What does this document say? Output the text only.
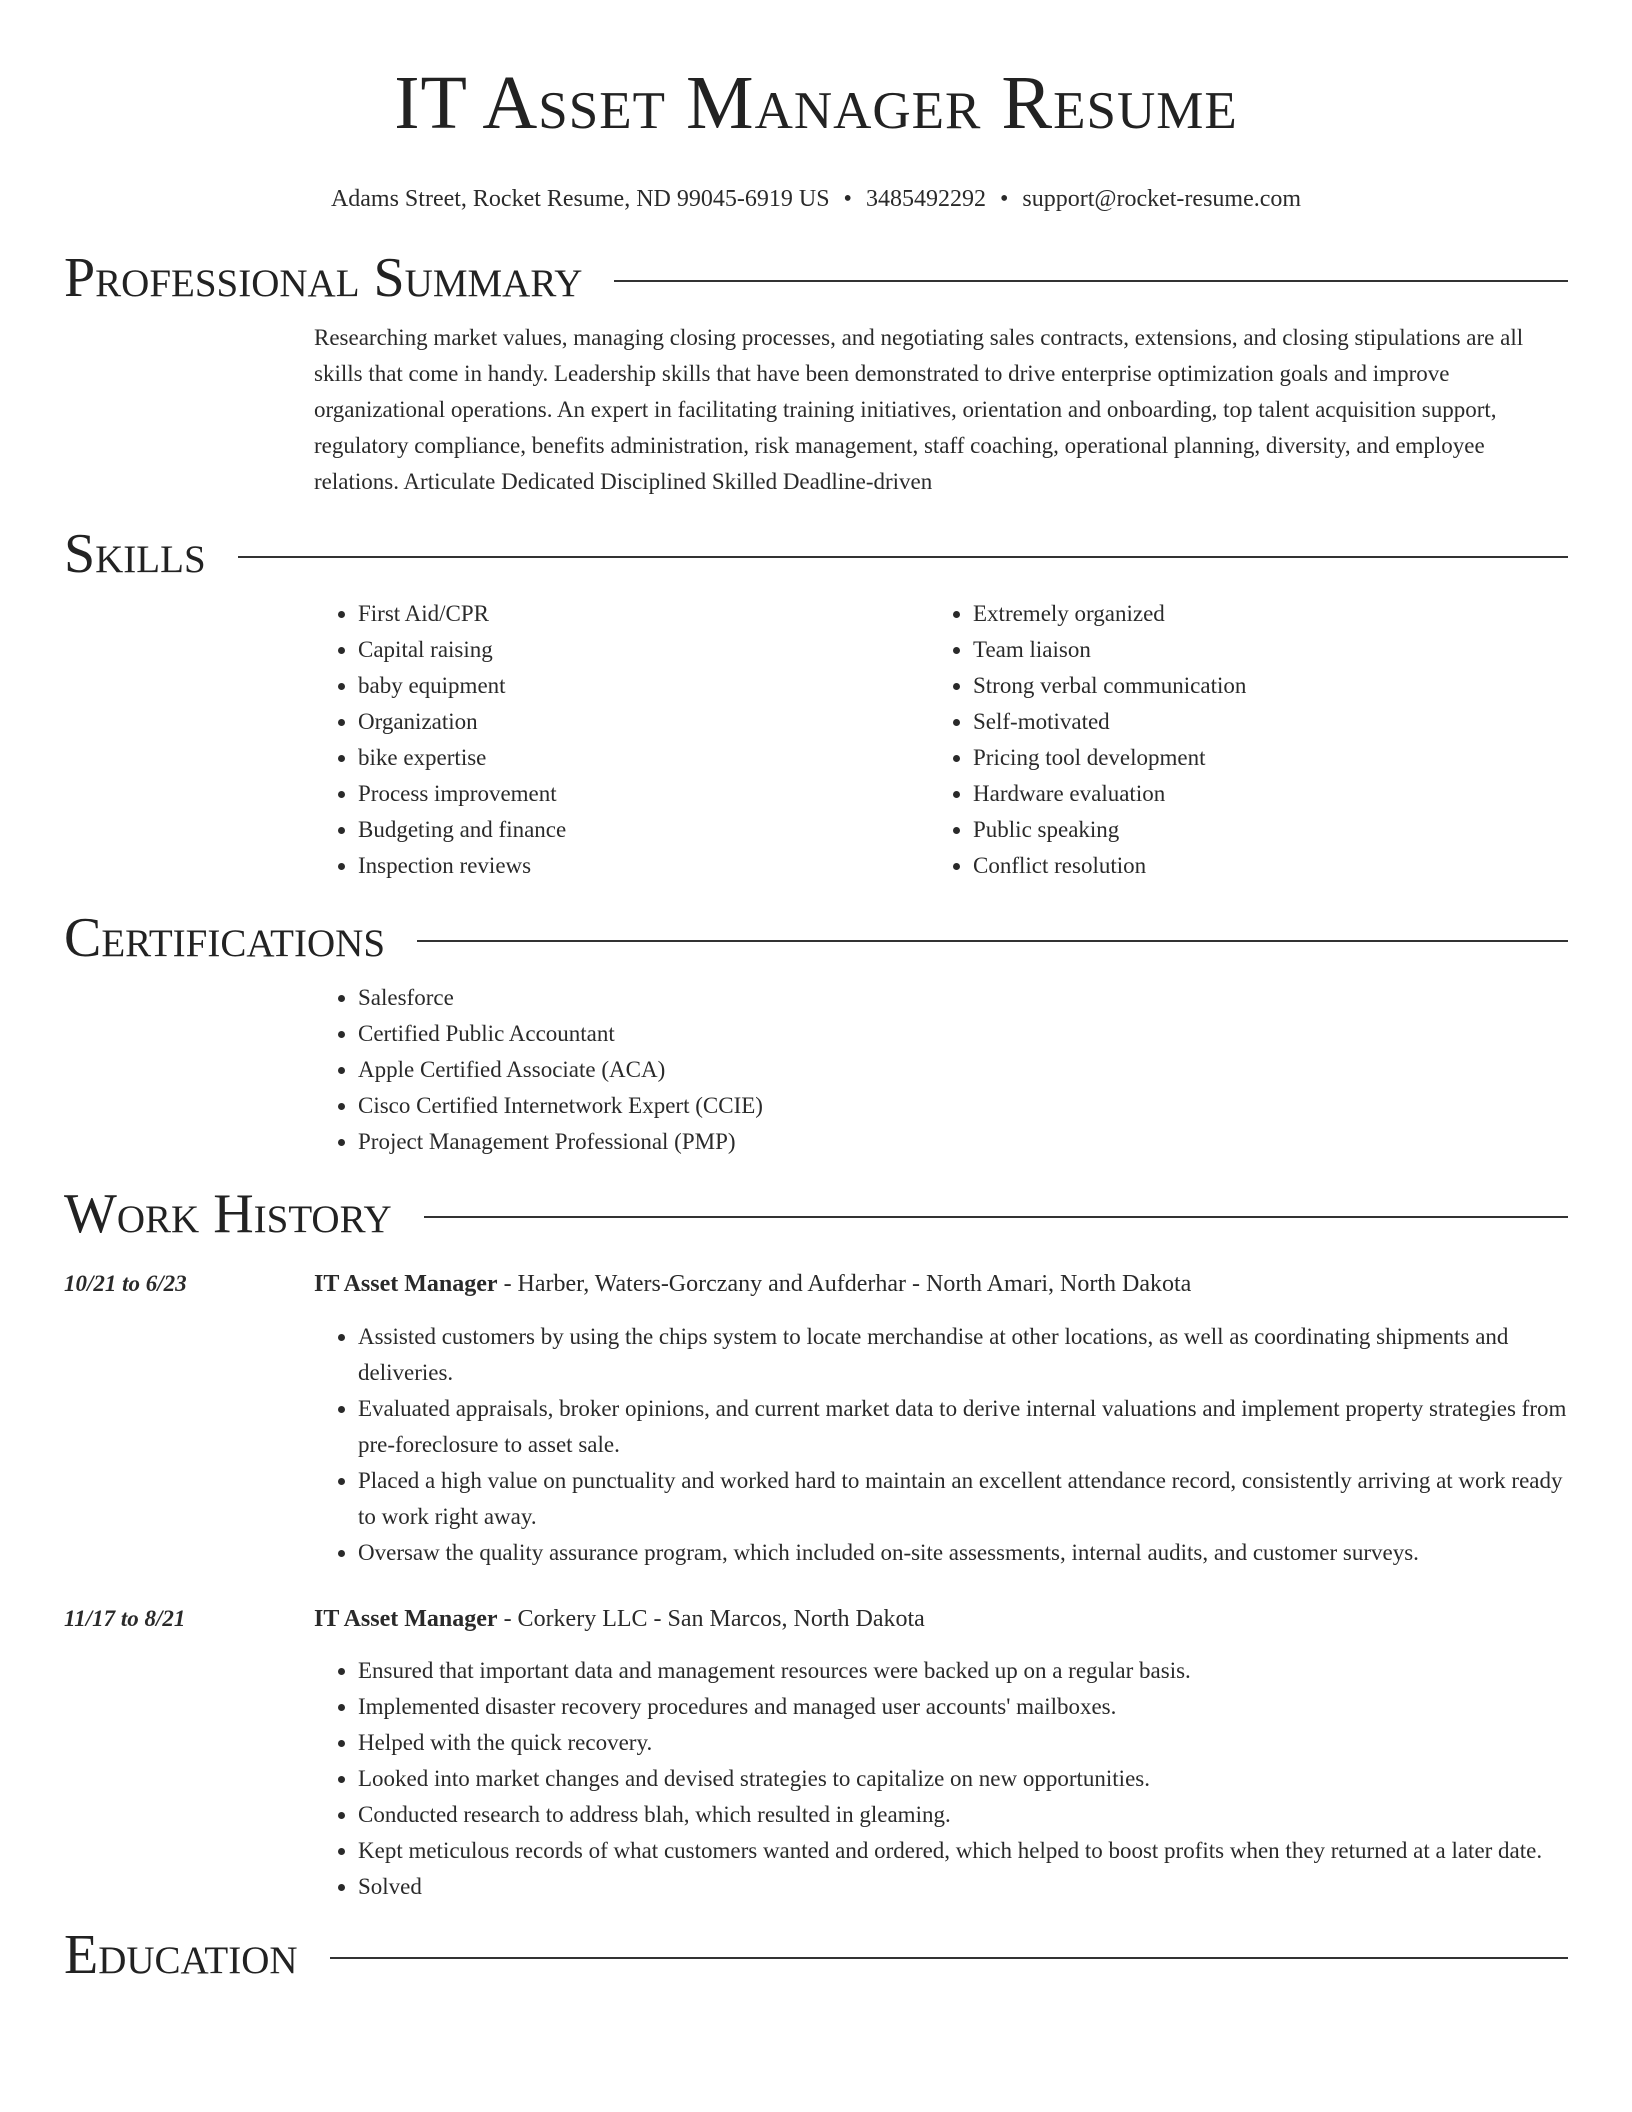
IT Asset Manager Resume
Adams Street, Rocket Resume, ND 99045-6919 US • 3485492292 • support@rocket-resume.com
Professional Summary

Researching market values, managing closing processes, and negotiating sales contracts, extensions, and closing stipulations are all skills that come in handy. Leadership skills that have been demonstrated to drive enterprise optimization goals and improve organizational operations. An expert in facilitating training initiatives, orientation and onboarding, top talent acquisition support, regulatory compliance, benefits administration, risk management, staff coaching, operational planning, diversity, and employee relations. Articulate Dedicated Disciplined Skilled Deadline-driven

Skills
• First Aid/CPR
• Capital raising
• baby equipment
• Organization
• bike expertise
• Process improvement
• Budgeting and finance
• Inspection reviews
• Extremely organized
• Team liaison
• Strong verbal communication
• Self-motivated
• Pricing tool development
• Hardware evaluation
• Public speaking
• Conflict resolution
Certifications
• Salesforce
• Certified Public Accountant
• Apple Certified Associate (ACA)
• Cisco Certified Internetwork Expert (CCIE)
• Project Management Professional (PMP)
Work History
10/21 to 6/23	IT Asset Manager - Harber, Waters-Gorczany and Aufderhar - North Amari, North Dakota
• Assisted customers by using the chips system to locate merchandise at other locations, as well as coordinating shipments and deliveries.
• Evaluated appraisals, broker opinions, and current market data to derive internal valuations and implement property strategies from pre-foreclosure to asset sale.
• Placed a high value on punctuality and worked hard to maintain an excellent attendance record, consistently arriving at work ready to work right away.
• Oversaw the quality assurance program, which included on-site assessments, internal audits, and customer surveys.
11/17 to 8/21	IT Asset Manager - Corkery LLC - San Marcos, North Dakota
• Ensured that important data and management resources were backed up on a regular basis.
• Implemented disaster recovery procedures and managed user accounts' mailboxes.
• Helped with the quick recovery.
• Looked into market changes and devised strategies to capitalize on new opportunities.
• Conducted research to address blah, which resulted in gleaming.
• Kept meticulous records of what customers wanted and ordered, which helped to boost profits when they returned at a later date.
• Solved
Education
